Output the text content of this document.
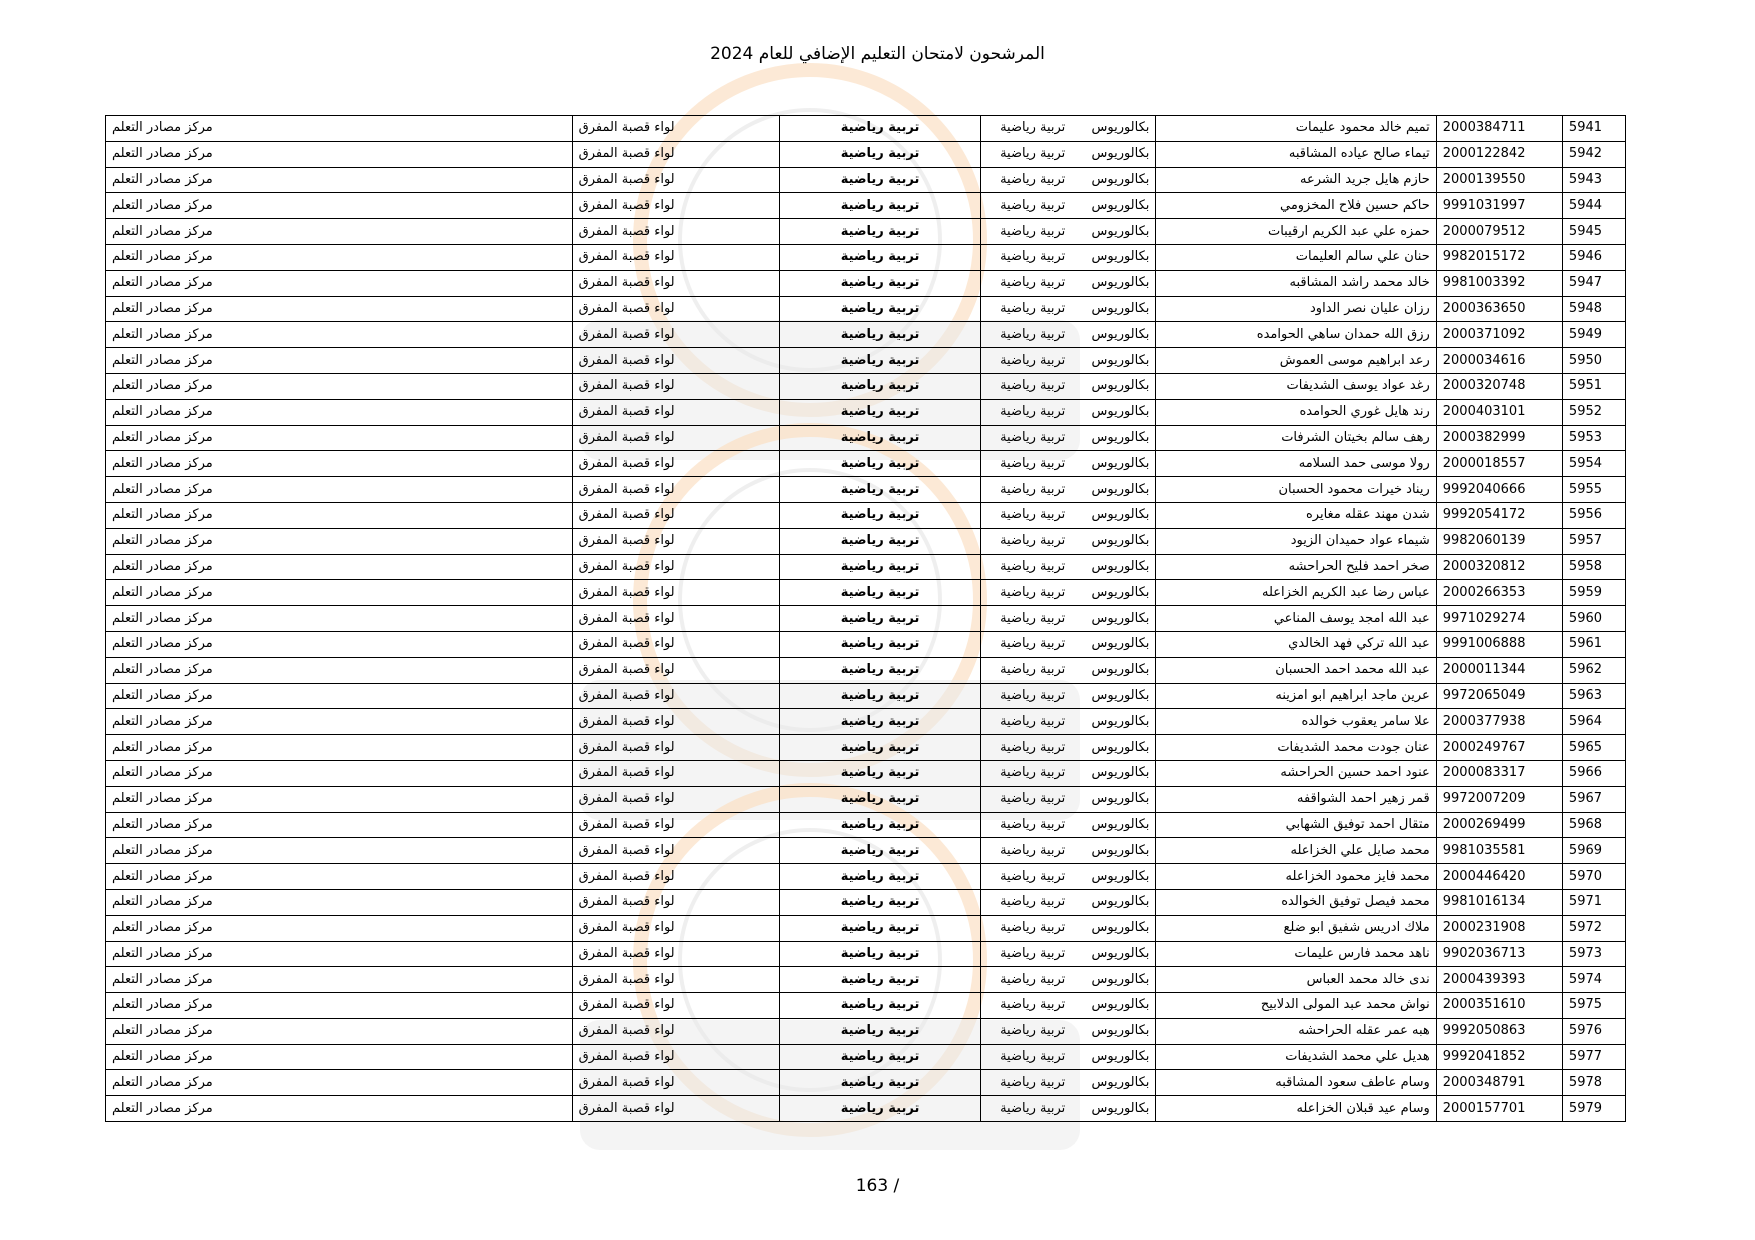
المرشحون لامتحان التعليم الإضافي للعام 2024
5941	2000384711	تميم خالد محمود عليمات	بكالوريوس	تربية رياضية	تربية رياضية	لواء قصبة المفرق	مركز مصادر التعلم
5942	2000122842	تيماء صالح عياده المشاقبه	بكالوريوس	تربية رياضية	تربية رياضية	لواء قصبة المفرق	مركز مصادر التعلم
5943	2000139550	حازم هايل جريد الشرعه	بكالوريوس	تربية رياضية	تربية رياضية	لواء قصبة المفرق	مركز مصادر التعلم
5944	9991031997	حاكم حسين فلاح المخزومي	بكالوريوس	تربية رياضية	تربية رياضية	لواء قصبة المفرق	مركز مصادر التعلم
5945	2000079512	حمزه علي عبد الكريم ارقيبات	بكالوريوس	تربية رياضية	تربية رياضية	لواء قصبة المفرق	مركز مصادر التعلم
5946	9982015172	حنان علي سالم العليمات	بكالوريوس	تربية رياضية	تربية رياضية	لواء قصبة المفرق	مركز مصادر التعلم
5947	9981003392	خالد محمد راشد المشاقبه	بكالوريوس	تربية رياضية	تربية رياضية	لواء قصبة المفرق	مركز مصادر التعلم
5948	2000363650	رزان عليان نصر الداود	بكالوريوس	تربية رياضية	تربية رياضية	لواء قصبة المفرق	مركز مصادر التعلم
5949	2000371092	رزق الله حمدان ساهي الحوامده	بكالوريوس	تربية رياضية	تربية رياضية	لواء قصبة المفرق	مركز مصادر التعلم
5950	2000034616	رعد ابراهيم موسى العموش	بكالوريوس	تربية رياضية	تربية رياضية	لواء قصبة المفرق	مركز مصادر التعلم
5951	2000320748	رغد عواد يوسف الشديفات	بكالوريوس	تربية رياضية	تربية رياضية	لواء قصبة المفرق	مركز مصادر التعلم
5952	2000403101	رند هايل غوري الحوامده	بكالوريوس	تربية رياضية	تربية رياضية	لواء قصبة المفرق	مركز مصادر التعلم
5953	2000382999	رهف سالم بخيتان الشرفات	بكالوريوس	تربية رياضية	تربية رياضية	لواء قصبة المفرق	مركز مصادر التعلم
5954	2000018557	رولا موسى حمد السلامه	بكالوريوس	تربية رياضية	تربية رياضية	لواء قصبة المفرق	مركز مصادر التعلم
5955	9992040666	ريناد خيرات محمود الحسبان	بكالوريوس	تربية رياضية	تربية رياضية	لواء قصبة المفرق	مركز مصادر التعلم
5956	9992054172	شدن مهند عقله مغايره	بكالوريوس	تربية رياضية	تربية رياضية	لواء قصبة المفرق	مركز مصادر التعلم
5957	9982060139	شيماء عواد حميدان الزيود	بكالوريوس	تربية رياضية	تربية رياضية	لواء قصبة المفرق	مركز مصادر التعلم
5958	2000320812	صخر احمد فليح الحراحشه	بكالوريوس	تربية رياضية	تربية رياضية	لواء قصبة المفرق	مركز مصادر التعلم
5959	2000266353	عباس رضا عبد الكريم الخزاعله	بكالوريوس	تربية رياضية	تربية رياضية	لواء قصبة المفرق	مركز مصادر التعلم
5960	9971029274	عبد الله امجد يوسف المناعي	بكالوريوس	تربية رياضية	تربية رياضية	لواء قصبة المفرق	مركز مصادر التعلم
5961	9991006888	عبد الله تركي فهد الخالدي	بكالوريوس	تربية رياضية	تربية رياضية	لواء قصبة المفرق	مركز مصادر التعلم
5962	2000011344	عبد الله محمد احمد الحسبان	بكالوريوس	تربية رياضية	تربية رياضية	لواء قصبة المفرق	مركز مصادر التعلم
5963	9972065049	عرين ماجد ابراهيم ابو امزينه	بكالوريوس	تربية رياضية	تربية رياضية	لواء قصبة المفرق	مركز مصادر التعلم
5964	2000377938	علا سامر يعقوب خوالده	بكالوريوس	تربية رياضية	تربية رياضية	لواء قصبة المفرق	مركز مصادر التعلم
5965	2000249767	عنان جودت محمد الشديفات	بكالوريوس	تربية رياضية	تربية رياضية	لواء قصبة المفرق	مركز مصادر التعلم
5966	2000083317	عنود احمد حسين الحراحشه	بكالوريوس	تربية رياضية	تربية رياضية	لواء قصبة المفرق	مركز مصادر التعلم
5967	9972007209	قمر زهير احمد الشواقفه	بكالوريوس	تربية رياضية	تربية رياضية	لواء قصبة المفرق	مركز مصادر التعلم
5968	2000269499	متقال احمد توفيق الشهابي	بكالوريوس	تربية رياضية	تربية رياضية	لواء قصبة المفرق	مركز مصادر التعلم
5969	9981035581	محمد صايل علي الخزاعله	بكالوريوس	تربية رياضية	تربية رياضية	لواء قصبة المفرق	مركز مصادر التعلم
5970	2000446420	محمد فايز محمود الخزاعله	بكالوريوس	تربية رياضية	تربية رياضية	لواء قصبة المفرق	مركز مصادر التعلم
5971	9981016134	محمد فيصل توفيق الخوالده	بكالوريوس	تربية رياضية	تربية رياضية	لواء قصبة المفرق	مركز مصادر التعلم
5972	2000231908	ملاك ادريس شفيق ابو ضلع	بكالوريوس	تربية رياضية	تربية رياضية	لواء قصبة المفرق	مركز مصادر التعلم
5973	9902036713	ناهد محمد فارس عليمات	بكالوريوس	تربية رياضية	تربية رياضية	لواء قصبة المفرق	مركز مصادر التعلم
5974	2000439393	ندى خالد محمد العباس	بكالوريوس	تربية رياضية	تربية رياضية	لواء قصبة المفرق	مركز مصادر التعلم
5975	2000351610	نواش محمد عبد المولى الدلابيح	بكالوريوس	تربية رياضية	تربية رياضية	لواء قصبة المفرق	مركز مصادر التعلم
5976	9992050863	هبه عمر عقله الحراحشه	بكالوريوس	تربية رياضية	تربية رياضية	لواء قصبة المفرق	مركز مصادر التعلم
5977	9992041852	هديل علي محمد الشديفات	بكالوريوس	تربية رياضية	تربية رياضية	لواء قصبة المفرق	مركز مصادر التعلم
5978	2000348791	وسام عاطف سعود المشاقبه	بكالوريوس	تربية رياضية	تربية رياضية	لواء قصبة المفرق	مركز مصادر التعلم
5979	2000157701	وسام عيد قبلان الخزاعله	بكالوريوس	تربية رياضية	تربية رياضية	لواء قصبة المفرق	مركز مصادر التعلم
163 /
